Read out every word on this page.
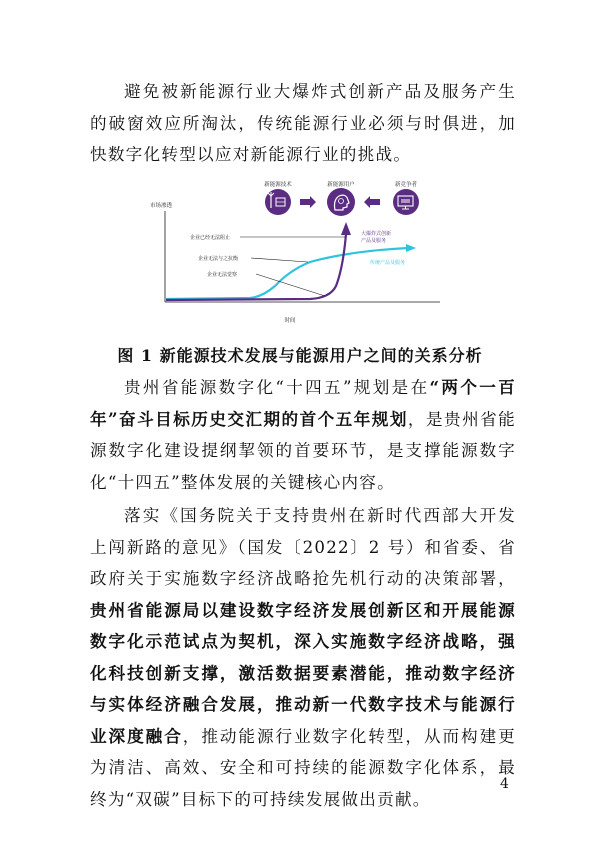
避免被新能源行业大爆炸式创新产品及服务产生的破窗效应所淘汰，传统能源行业必须与时俱进，加快数字化转型以应对新能源行业的挑战。
新能源技术	新能源用户	新竞争者
市场渗透
时间
企业已经无法阻止
企业无法与之抗衡
企业无法觉察
大爆炸式创新
产品及服务
传统产品及服务
图 1 新能源技术发展与能源用户之间的关系分析
贵州省能源数字化“十四五”规划是在“两个一百年”奋斗目标历史交汇期的首个五年规划，是贵州省能源数字化建设提纲挈领的首要环节，是支撑能源数字化“十四五”整体发展的关键核心内容。
落实《国务院关于支持贵州在新时代西部大开发上闯新路的意见》（国发〔2022〕2 号）和省委、省政府关于实施数字经济战略抢先机行动的决策部署，贵州省能源局以建设数字经济发展创新区和开展能源数字化示范试点为契机，深入实施数字经济战略，强化科技创新支撑，激活数据要素潜能，推动数字经济与实体经济融合发展，推动新一代数字技术与能源行业深度融合，推动能源行业数字化转型，从而构建更为清洁、高效、安全和可持续的能源数字化体系，最终为“双碳”目标下的可持续发展做出贡献。
4
